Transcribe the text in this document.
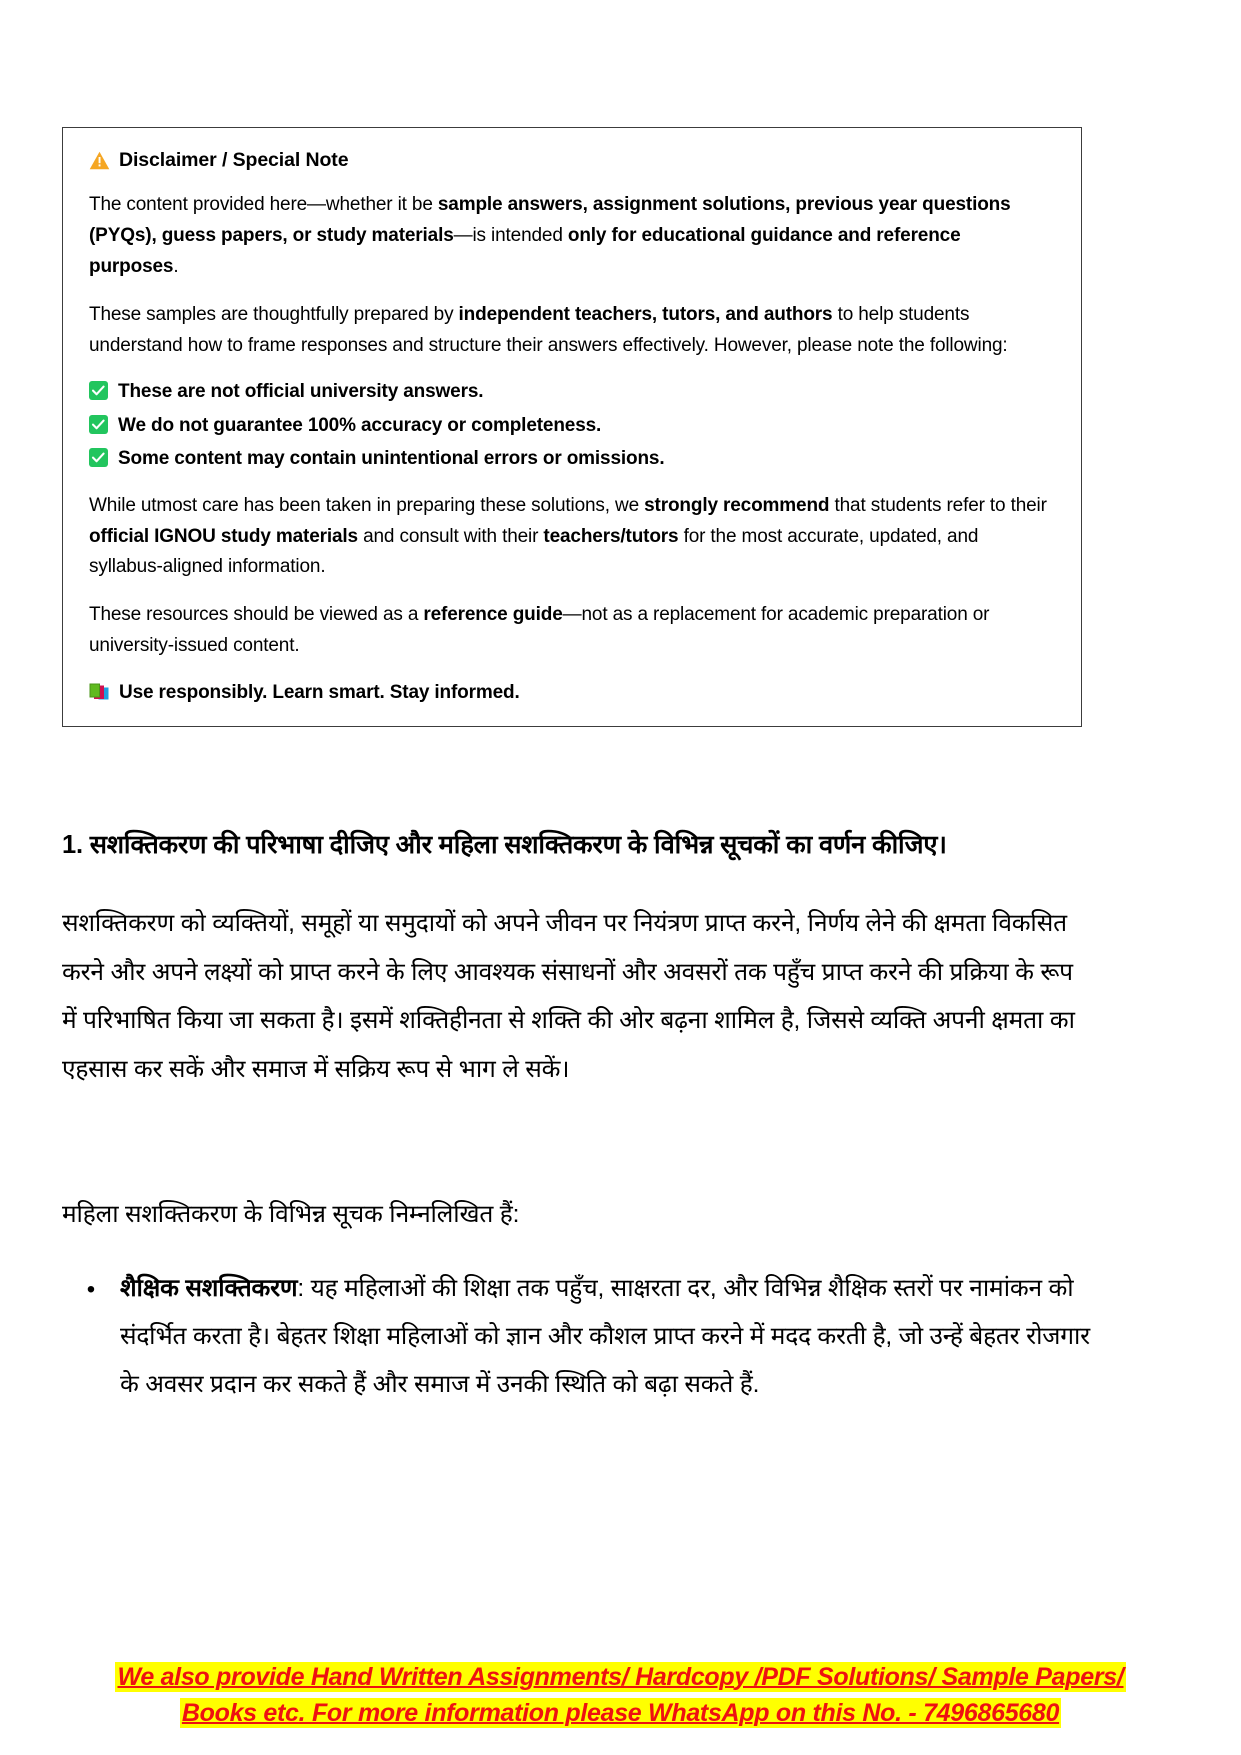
Disclaimer / Special Note

The content provided here—whether it be sample answers, assignment solutions, previous year questions (PYQs), guess papers, or study materials—is intended only for educational guidance and reference purposes.

These samples are thoughtfully prepared by independent teachers, tutors, and authors to help students understand how to frame responses and structure their answers effectively. However, please note the following:

These are not official university answers.
We do not guarantee 100% accuracy or completeness.
Some content may contain unintentional errors or omissions.

While utmost care has been taken in preparing these solutions, we strongly recommend that students refer to their official IGNOU study materials and consult with their teachers/tutors for the most accurate, updated, and syllabus-aligned information.

These resources should be viewed as a reference guide—not as a replacement for academic preparation or university-issued content.

Use responsibly. Learn smart. Stay informed.
1. सशक्तिकरण की परिभाषा दीजिए और महिला सशक्तिकरण के विभिन्न सूचकों का वर्णन कीजिए।
सशक्तिकरण को व्यक्तियों, समूहों या समुदायों को अपने जीवन पर नियंत्रण प्राप्त करने, निर्णय लेने की क्षमता विकसित करने और अपने लक्ष्यों को प्राप्त करने के लिए आवश्यक संसाधनों और अवसरों तक पहुँच प्राप्त करने की प्रक्रिया के रूप में परिभाषित किया जा सकता है। इसमें शक्तिहीनता से शक्ति की ओर बढ़ना शामिल है, जिससे व्यक्ति अपनी क्षमता का एहसास कर सकें और समाज में सक्रिय रूप से भाग ले सकें।
महिला सशक्तिकरण के विभिन्न सूचक निम्नलिखित हैं:
•	शैक्षिक सशक्तिकरण: यह महिलाओं की शिक्षा तक पहुँच, साक्षरता दर, और विभिन्न शैक्षिक स्तरों पर नामांकन को संदर्भित करता है। बेहतर शिक्षा महिलाओं को ज्ञान और कौशल प्राप्त करने में मदद करती है, जो उन्हें बेहतर रोजगार के अवसर प्रदान कर सकते हैं और समाज में उनकी स्थिति को बढ़ा सकते हैं.
We also provide Hand Written Assignments/ Hardcopy /PDF Solutions/ Sample Papers/
Books etc. For more information please WhatsApp on this No. - 7496865680
